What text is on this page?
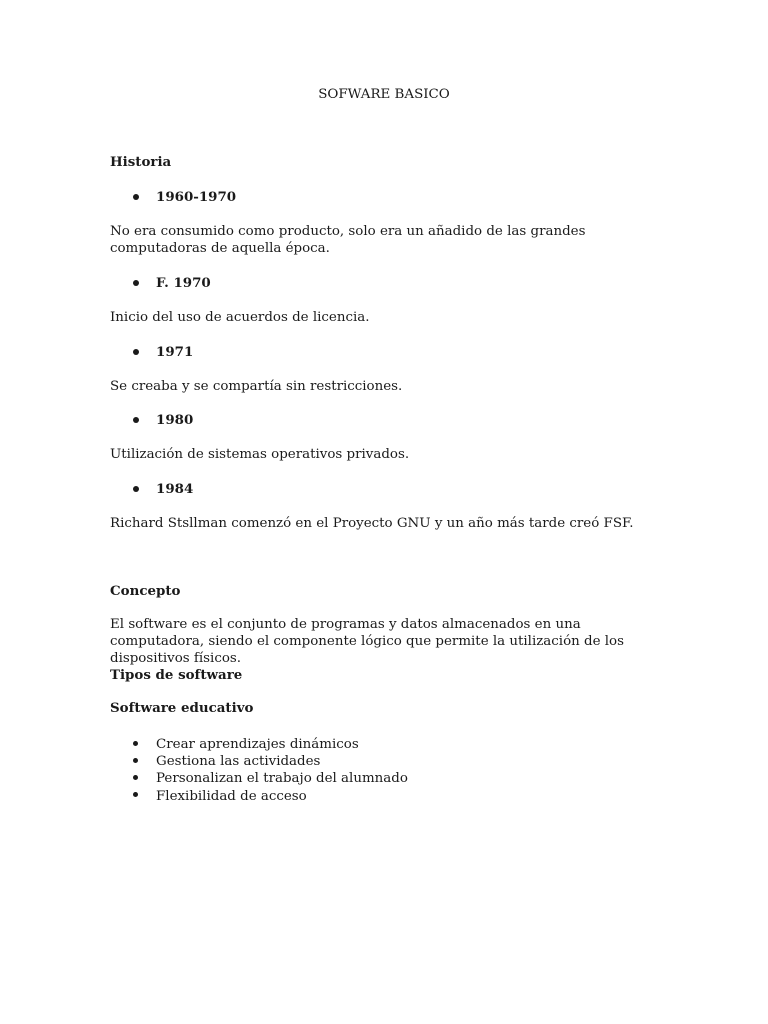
SOFWARE BASICO
Historia
1960-1970
No era consumido como producto, solo era un añadido de las grandes computadoras de aquella época.
F. 1970
Inicio del uso de acuerdos de licencia.
1971
Se creaba y se compartía sin restricciones.
1980
Utilización de sistemas operativos privados.
1984
Richard Stsllman comenzó en el Proyecto GNU y un año más tarde creó FSF.
Concepto
El software es el conjunto de programas y datos almacenados en una computadora, siendo el componente lógico que permite la utilización de los dispositivos físicos.
Tipos de software
Software educativo
Crear aprendizajes dinámicos
Gestiona las actividades
Personalizan el trabajo del alumnado
Flexibilidad de acceso
